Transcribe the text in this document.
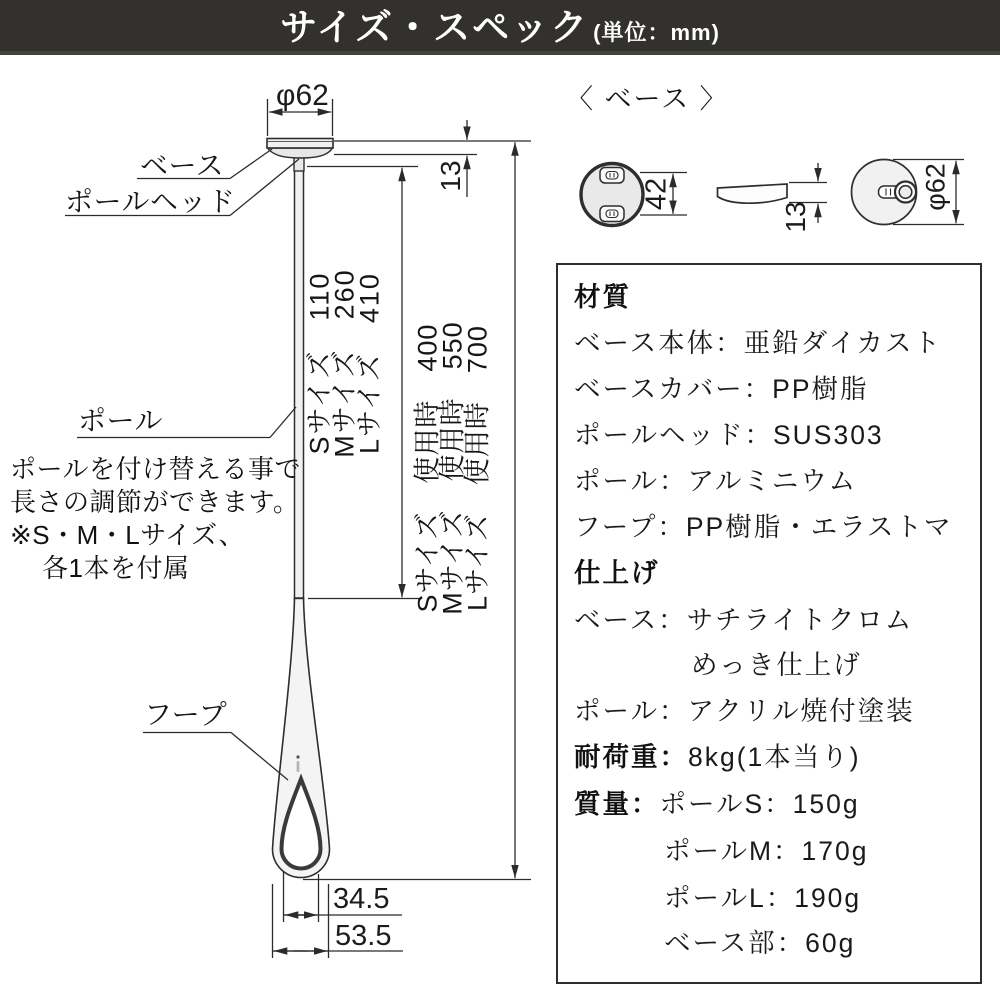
サイズ・スペック (単位：mm)
φ62
13
ベース
ポールヘッド
ポール
フープ
ポールを付け替える事で
長さの調節ができます。
※S・M・Lサイズ、
各1本を付属
Sサイズ　110
Mサイズ　260
Lサイズ　410 Sサイズ　使用時　400
Mサイズ　使用時　550
Lサイズ　使用時　700
34.5
53.5
〈 ベース 〉
42
13
φ62
材質
ベース本体：亜鉛ダイカスト
ベースカバー：PP樹脂
ポールヘッド：SUS303
ポール：アルミニウム
フープ：PP樹脂・エラストマ
仕上げ
ベース：サチライトクロム
めっき仕上げ
ポール：アクリル焼付塗装
耐荷重：8kg(1本当り)
質量：ポールS：150g
ポールM：170g
ポールL：190g
ベース部：60g
